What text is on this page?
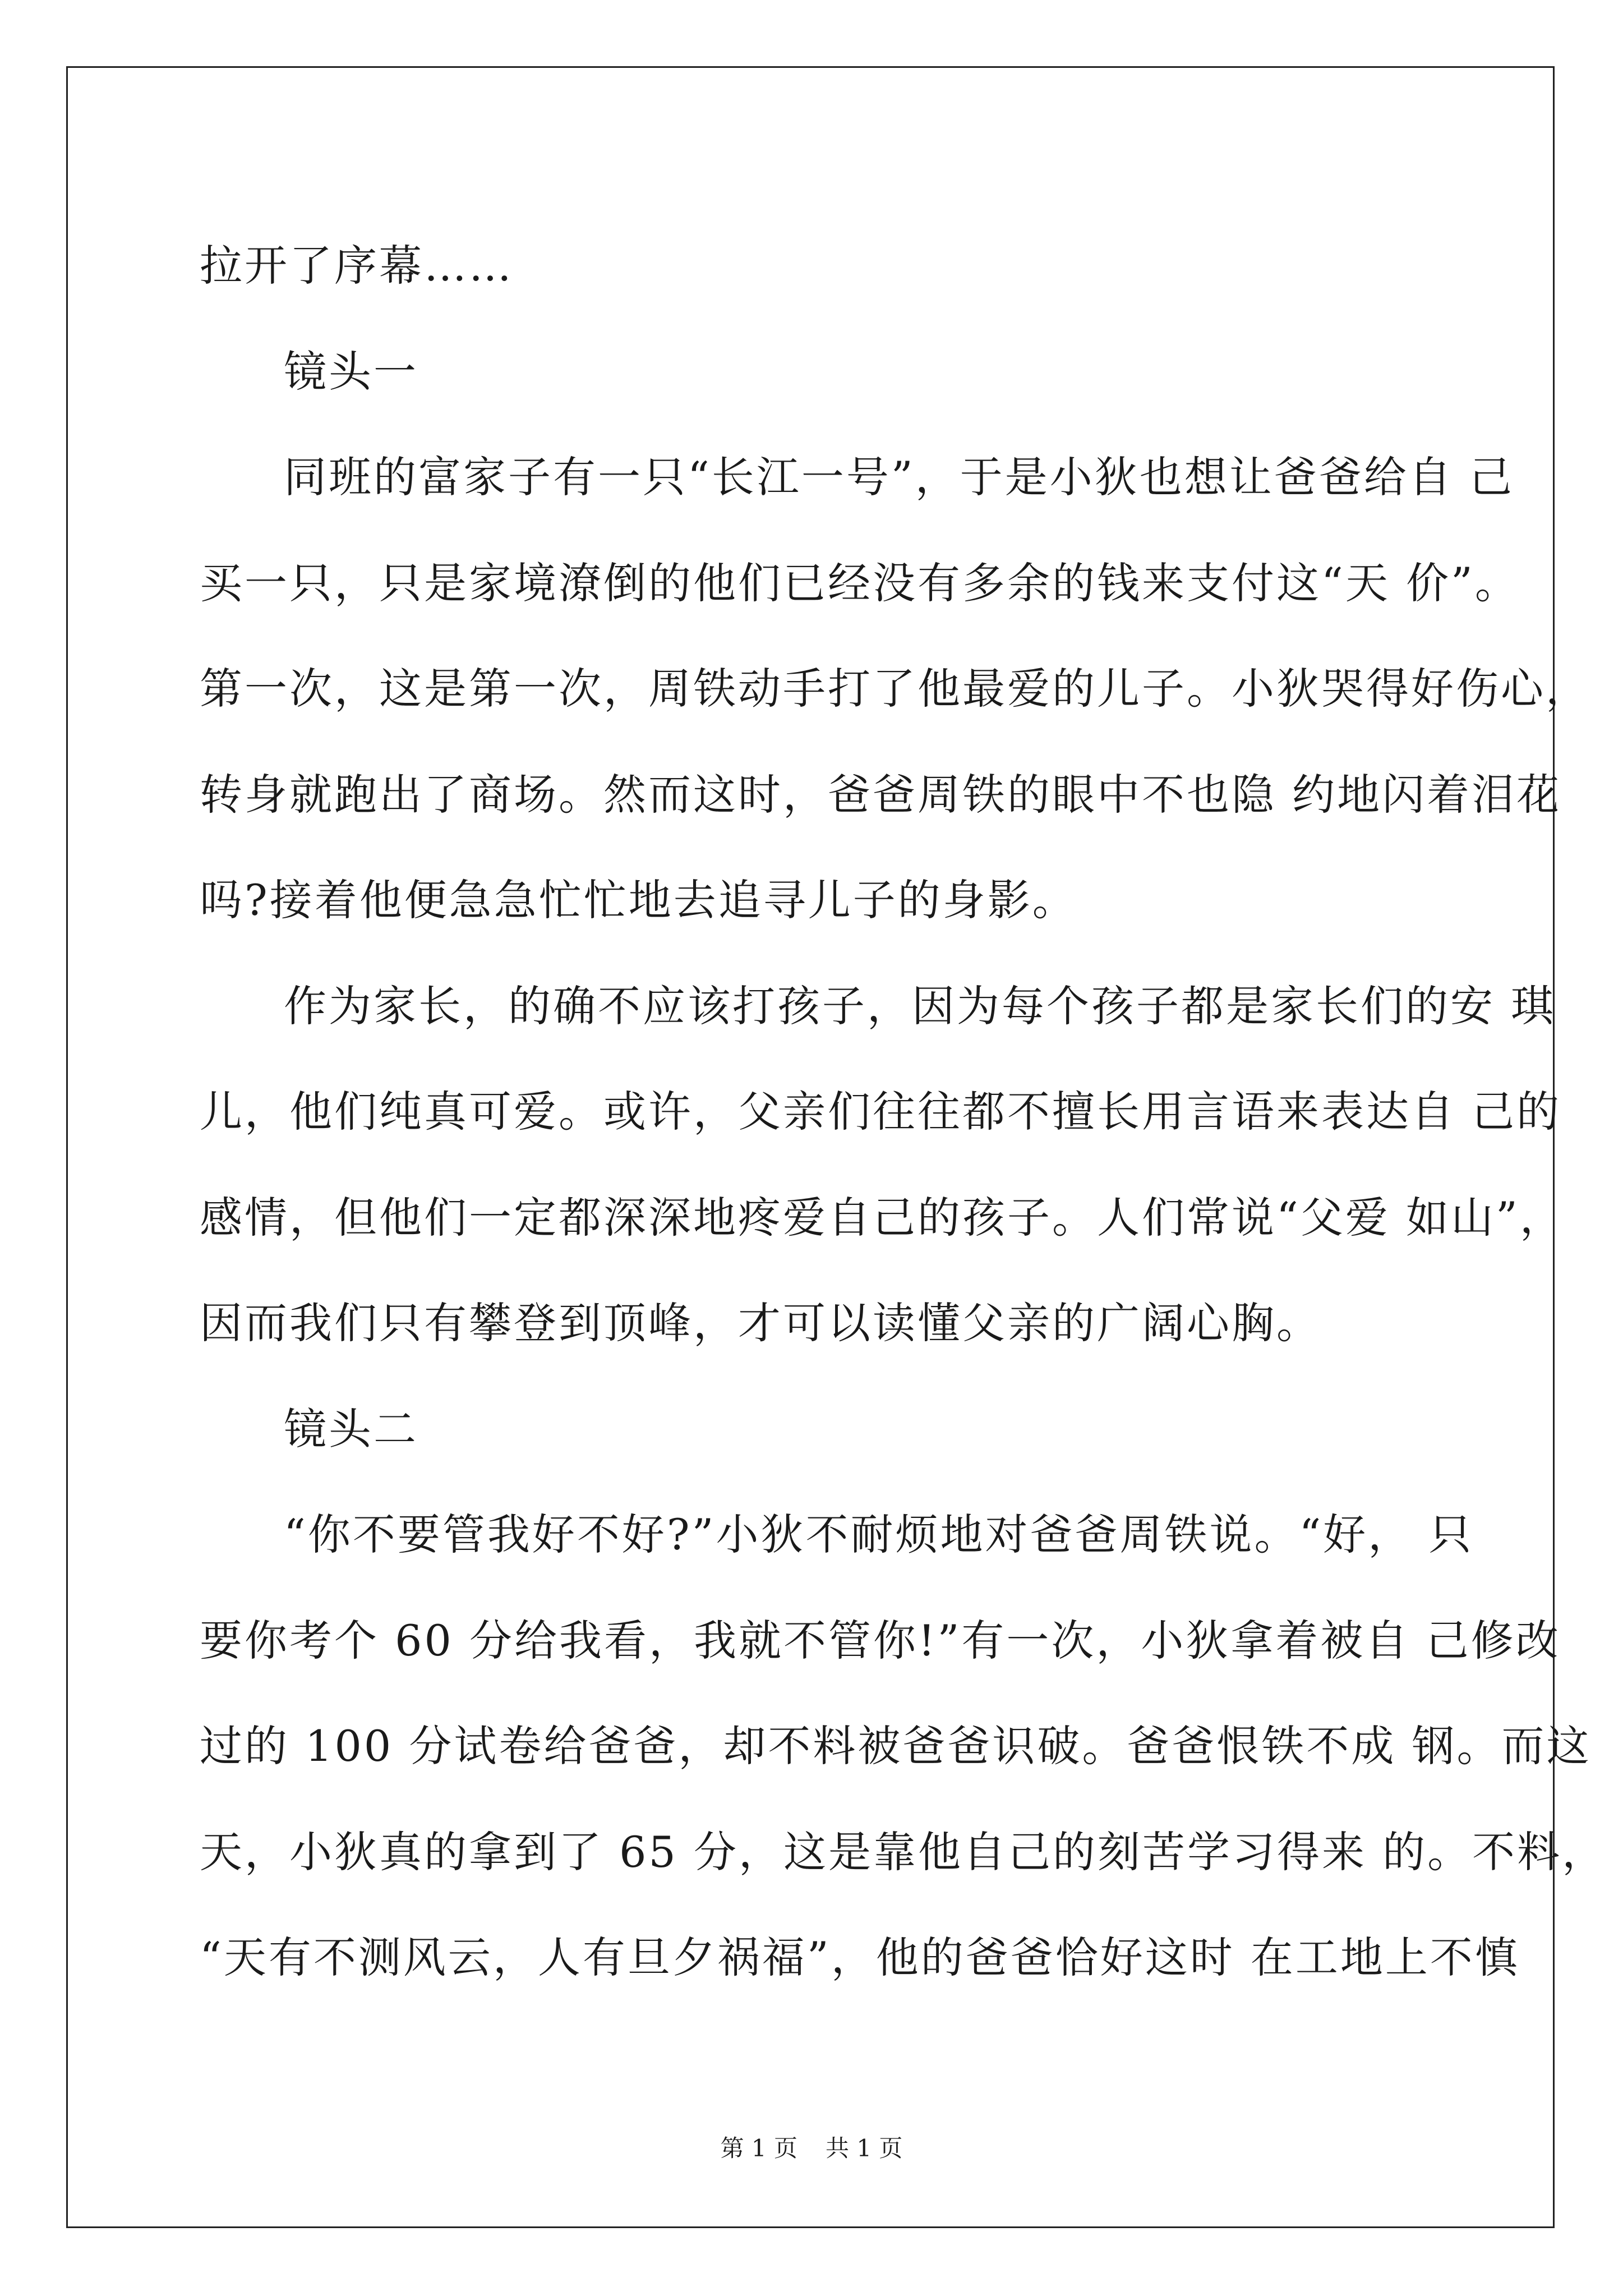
拉开了序幕……
镜头一
同班的富家子有一只“长江一号”，于是小狄也想让爸爸给自 己
买一只，只是家境潦倒的他们已经没有多余的钱来支付这“天 价”。
第一次，这是第一次，周铁动手打了他最爱的儿子。小狄哭得好伤心，
转身就跑出了商场。然而这时，爸爸周铁的眼中不也隐 约地闪着泪花
吗?接着他便急急忙忙地去追寻儿子的身影。
作为家长，的确不应该打孩子，因为每个孩子都是家长们的安 琪
儿，他们纯真可爱。或许，父亲们往往都不擅长用言语来表达自 己的
感情，但他们一定都深深地疼爱自己的孩子。人们常说“父爱 如山”，
因而我们只有攀登到顶峰，才可以读懂父亲的广阔心胸。
镜头二
“你不要管我好不好?”小狄不耐烦地对爸爸周铁说。“好， 只
要你考个 60 分给我看，我就不管你!”有一次，小狄拿着被自 己修改
过的 100 分试卷给爸爸，却不料被爸爸识破。爸爸恨铁不成 钢。而这
天，小狄真的拿到了 65 分，这是靠他自己的刻苦学习得来 的。不料，
“天有不测风云，人有旦夕祸福”，他的爸爸恰好这时 在工地上不慎
第 1 页 共 1 页
